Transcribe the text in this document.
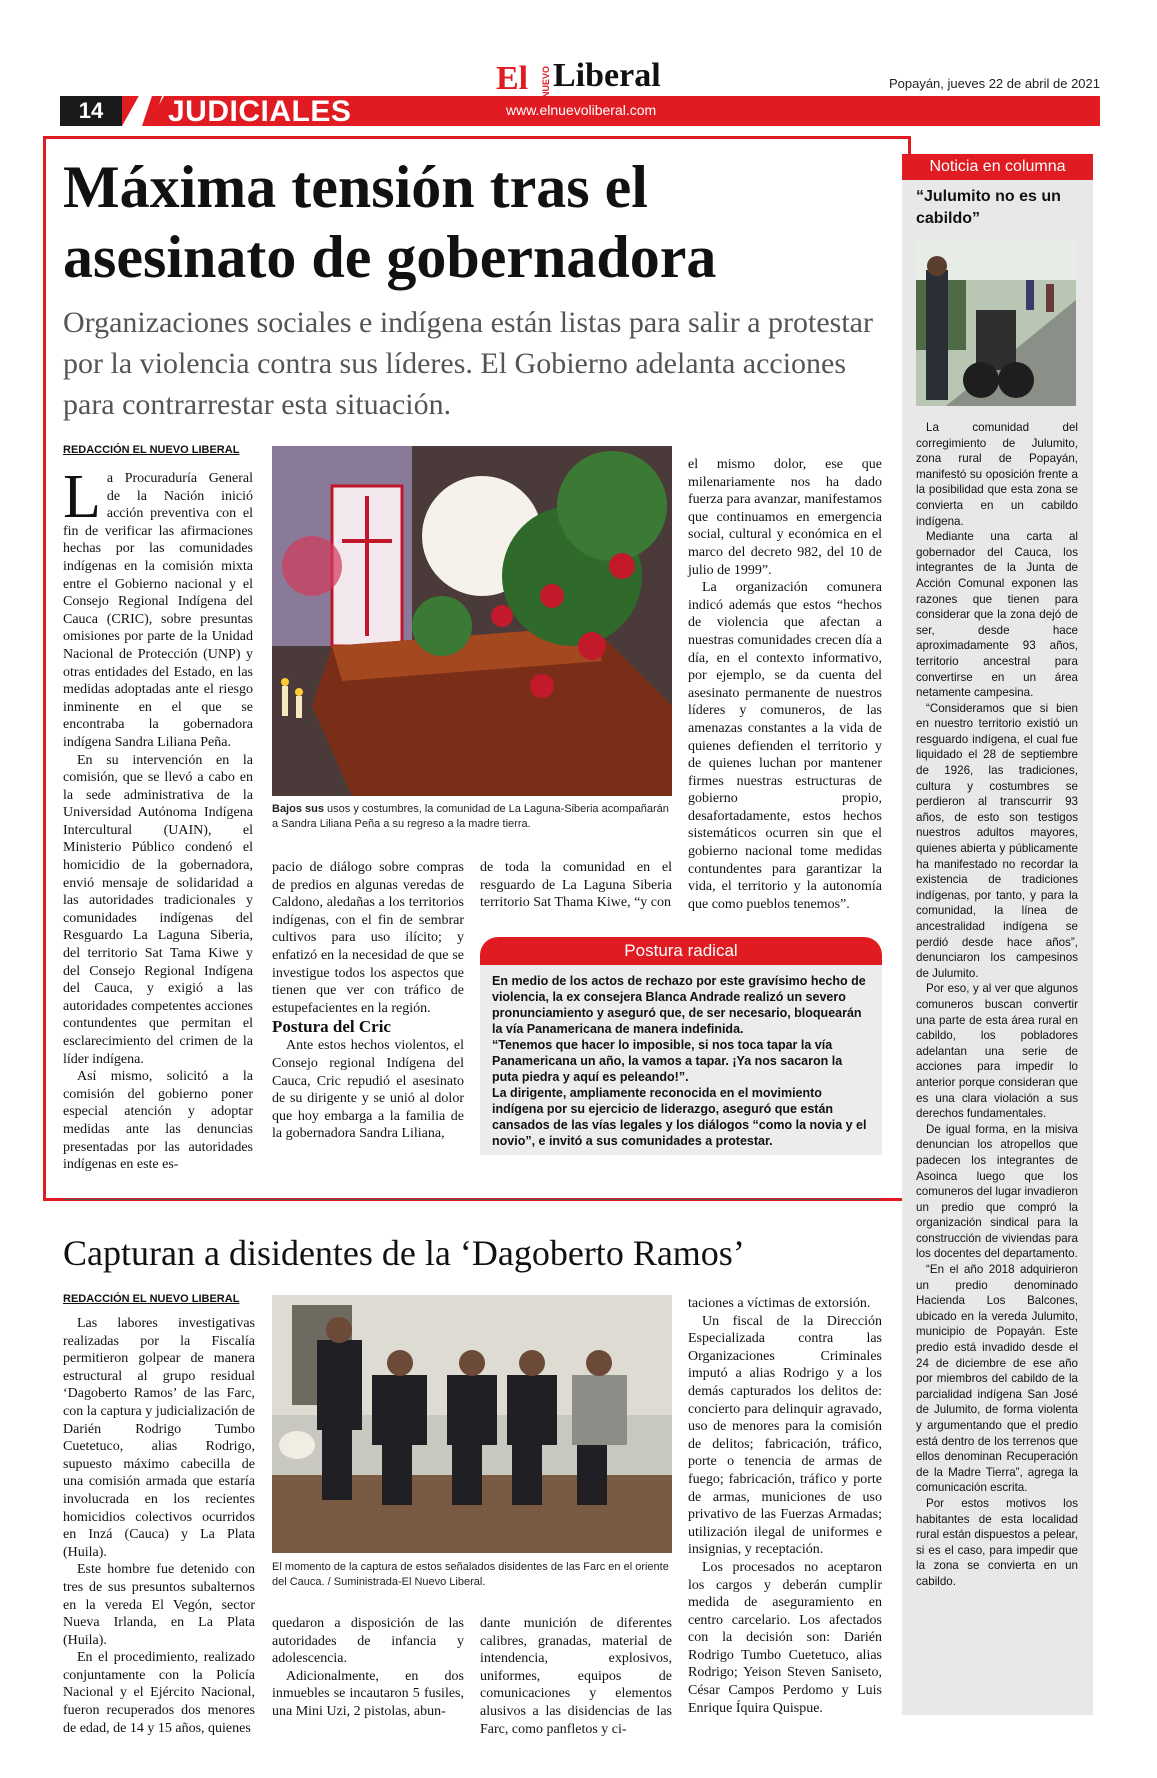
14	JUDICIALES
El NUEVO Liberal
www.elnuevoliberal.com
Popayán, jueves 22 de abril de 2021
Máxima tensión tras el asesinato de gobernadora

Organizaciones sociales e indígena están listas para salir a protestar por la violencia contra sus líderes. El Gobierno adelanta acciones para contrarrestar esta situación.

REDACCIÓN EL NUEVO LIBERAL

La Procuraduría General de la Nación inició acción preventiva con el fin de verificar las afirmaciones hechas por las comunidades indígenas en la comisión mixta entre el Gobierno nacional y el Consejo Regional Indígena del Cauca (CRIC), sobre presuntas omisiones por parte de la Unidad Nacional de Protección (UNP) y otras entidades del Estado, en las medidas adoptadas ante el riesgo inminente en el que se encontraba la gobernadora indígena Sandra Liliana Peña.

En su intervención en la comisión, que se llevó a cabo en la sede administrativa de la Universidad Autónoma Indígena Intercultural (UAIN), el Ministerio Público condenó el homicidio de la gobernadora, envió mensaje de solidaridad a las autoridades tradicionales y comunidades indígenas del Resguardo La Laguna Siberia, del territorio Sat Tama Kiwe y del Consejo Regional Indígena del Cauca, y exigió a las autoridades competentes acciones contundentes que permitan el esclarecimiento del crimen de la líder indígena.

Así mismo, solicitó a la comisión del gobierno poner especial atención y adoptar medidas ante las denuncias presentadas por las autoridades indígenas en este es-

Bajos sus usos y costumbres, la comunidad de La Laguna-Siberia acompañarán a Sandra Liliana Peña a su regreso a la madre tierra.

pacio de diálogo sobre compras de predios en algunas veredas de Caldono, aledañas a los territorios indígenas, con el fin de sembrar cultivos para uso ilícito; y enfatizó en la necesidad de que se investigue todos los aspectos que tienen que ver con tráfico de estupefacientes en la región.

Postura del Cric

Ante estos hechos violentos, el Consejo regional Indígena del Cauca, Cric repudió el asesinato de su dirigente y se unió al dolor que hoy embarga a la familia de la gobernadora Sandra Liliana,

de toda la comunidad en el resguardo de La Laguna Siberia territorio Sat Thama Kiwe, “y con

el mismo dolor, ese que milenariamente nos ha dado fuerza para avanzar, manifestamos que continuamos en emergencia social, cultural y económica en el marco del decreto 982, del 10 de julio de 1999”.

La organización comunera indicó además que estos “hechos de violencia que afectan a nuestras comunidades crecen día a día, en el contexto informativo, por ejemplo, se da cuenta del asesinato permanente de nuestros líderes y comuneros, de las amenazas constantes a la vida de quienes defienden el territorio y de quienes luchan por mantener firmes nuestras estructuras de gobierno propio, desafortadamente, estos hechos sistemáticos ocurren sin que el gobierno nacional tome medidas contundentes para garantizar la vida, el territorio y la autonomía que como pueblos tenemos”.

Postura radical

En medio de los actos de rechazo por este gravísimo hecho de violencia, la ex consejera Blanca Andrade realizó un severo pronunciamiento y aseguró que, de ser necesario, bloquearán la vía Panamericana de manera indefinida.

“Tenemos que hacer lo imposible, si nos toca tapar la vía Panamericana un año, la vamos a tapar. ¡Ya nos sacaron la puta piedra y aquí es peleando!”.

La dirigente, ampliamente reconocida en el movimiento indígena por su ejercicio de liderazgo, aseguró que están cansados de las vías legales y los diálogos “como la novia y el novio”, e invitó a sus comunidades a protestar.

Noticia en columna
“Julumito no es un cabildo”

La comunidad del corregimiento de Julumito, zona rural de Popayán, manifestó su oposición frente a la posibilidad que esta zona se convierta en un cabildo indígena.

Mediante una carta al gobernador del Cauca, los integrantes de la Junta de Acción Comunal exponen las razones que tienen para considerar que la zona dejó de ser, desde hace aproximadamente 93 años, territorio ancestral para convertirse en un área netamente campesina.

“Consideramos que si bien en nuestro territorio existió un resguardo indígena, el cual fue liquidado el 28 de septiembre de 1926, las tradiciones, cultura y costumbres se perdieron al transcurrir 93 años, de esto son testigos nuestros adultos mayores, quienes abierta y públicamente ha manifestado no recordar la existencia de tradiciones indígenas, por tanto, y para la comunidad, la línea de ancestralidad indígena se perdió desde hace años”, denunciaron los campesinos de Julumito.

Por eso, y al ver que algunos comuneros buscan convertir una parte de esta área rural en cabildo, los pobladores adelantan una serie de acciones para impedir lo anterior porque consideran que es una clara violación a sus derechos fundamentales.

De igual forma, en la misiva denuncian los atropellos que padecen los integrantes de Asoinca luego que los comuneros del lugar invadieron un predio que compró la organización sindical para la construcción de viviendas para los docentes del departamento.

“En el año 2018 adquirieron un predio denominado Hacienda Los Balcones, ubicado en la vereda Julumito, municipio de Popayán. Este predio está invadido desde el 24 de diciembre de ese año por miembros del cabildo de la parcialidad indígena San José de Julumito, de forma violenta y argumentando que el predio está dentro de los terrenos que ellos denominan Recuperación de la Madre Tierra”, agrega la comunicación escrita.

Por estos motivos los habitantes de esta localidad rural están dispuestos a pelear, si es el caso, para impedir que la zona se convierta en un cabildo.

Capturan a disidentes de la ‘Dagoberto Ramos’
REDACCIÓN EL NUEVO LIBERAL

Las labores investigativas realizadas por la Fiscalía permitieron golpear de manera estructural al grupo residual ‘Dagoberto Ramos’ de las Farc, con la captura y judicialización de Darién Rodrigo Tumbo Cuetetuco, alias Rodrigo, supuesto máximo cabecilla de una comisión armada que estaría involucrada en los recientes homicidios colectivos ocurridos en Inzá (Cauca) y La Plata (Huila).

Este hombre fue detenido con tres de sus presuntos subalternos en la vereda El Vegón, sector Nueva Irlanda, en La Plata (Huila).

En el procedimiento, realizado conjuntamente con la Policía Nacional y el Ejército Nacional, fueron recuperados dos menores de edad, de 14 y 15 años, quienes

El momento de la captura de estos señalados disidentes de las Farc en el oriente del Cauca. / Suministrada-El Nuevo Liberal.

quedaron a disposición de las autoridades de infancia y adolescencia.

Adicionalmente, en dos inmuebles se incautaron 5 fusiles, una Mini Uzi, 2 pistolas, abun-

dante munición de diferentes calibres, granadas, material de intendencia, explosivos, uniformes, equipos de comunicaciones y elementos alusivos a las disidencias de las Farc, como panfletos y ci-

taciones a víctimas de extorsión.

Un fiscal de la Dirección Especializada contra las Organizaciones Criminales imputó a alias Rodrigo y a los demás capturados los delitos de: concierto para delinquir agravado, uso de menores para la comisión de delitos; fabricación, tráfico, porte o tenencia de armas de fuego; fabricación, tráfico y porte de armas, municiones de uso privativo de las Fuerzas Armadas; utilización ilegal de uniformes e insignias, y receptación.

Los procesados no aceptaron los cargos y deberán cumplir medida de aseguramiento en centro carcelario. Los afectados con la decisión son: Darién Rodrigo Tumbo Cuetetuco, alias Rodrigo; Yeison Steven Saniseto, César Campos Perdomo y Luis Enrique Íquira Quispue.
